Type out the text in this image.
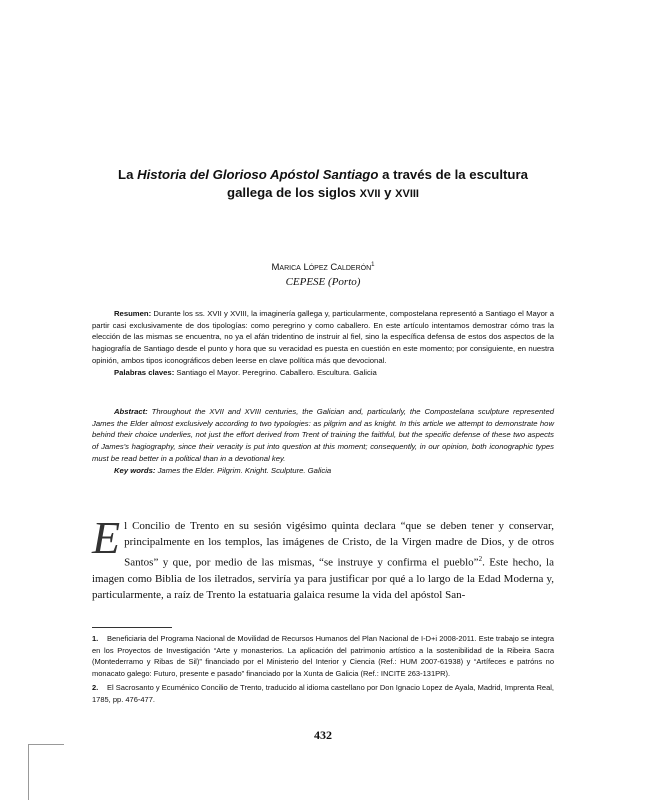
La Historia del Glorioso Apóstol Santiago a través de la escultura
gallega de los siglos XVII y XVIII
Marica López Calderón$^1$
CEPESE (Porto)

Resumen: Durante los ss. XVII y XVIII, la imaginería gallega y, particularmente, compostelana representó a Santiago el Mayor a partir casi exclusivamente de dos tipologías: como peregrino y como caballero. En este artículo intentamos demostrar cómo tras la elección de las mismas se encuentra, no ya el afán tridentino de instruir al fiel, sino la específica defensa de estos dos aspectos de la hagiografía de Santiago desde el punto y hora que su veracidad es puesta en cuestión en este momento; por consiguiente, en nuestra opinión, ambos tipos iconográficos deben leerse en clave política más que devocional.

Palabras claves: Santiago el Mayor. Peregrino. Caballero. Escultura. Galicia

Abstract: Throughout the XVII and XVIII centuries, the Galician and, particularly, the Compostelana sculpture represented James the Elder almost exclusively according to two typologies: as pilgrim and as knight. In this article we attempt to demonstrate how behind their choice underlies, not just the effort derived from Trent of training the faithful, but the specific defense of these two aspects of James's hagiography, since their veracity is put into question at this moment; consequently, in our opinion, both iconographic types must be read better in a political than in a devotional key.

Key words: James the Elder. Pilgrim. Knight. Sculpture. Galicia

El Concilio de Trento en su sesión vigésimo quinta declara “que se deben tener y conservar, principalmente en los templos, las imágenes de Cristo, de la Virgen madre de Dios, y de otros Santos” y que, por medio de las mismas, “se instruye y confirma el pueblo”$^2$. Este hecho, la imagen como Biblia de los iletrados, serviría ya para justificar por qué a lo largo de la Edad Moderna y, particularmente, a raíz de Trento la estatuaria galaica resume la vida del apóstol San-

1. Beneficiaria del Programa Nacional de Movilidad de Recursos Humanos del Plan Nacional de I-D+i 2008-2011. Este trabajo se integra en los Proyectos de Investigación “Arte y monasterios. La aplicación del patrimonio artístico a la sostenibilidad de la Ribeira Sacra (Montederramo y Ribas de Sil)” financiado por el Ministerio del Interior y Ciencia (Ref.: HUM 2007-61938) y “Artífeces e patróns no monacato galego: Futuro, presente e pasado” financiado por la Xunta de Galicia (Ref.: INCITE 263-131PR).

2. El Sacrosanto y Ecuménico Concilio de Trento, traducido al idioma castellano por Don Ignacio Lopez de Ayala, Madrid, Imprenta Real, 1785, pp. 476-477.

432
